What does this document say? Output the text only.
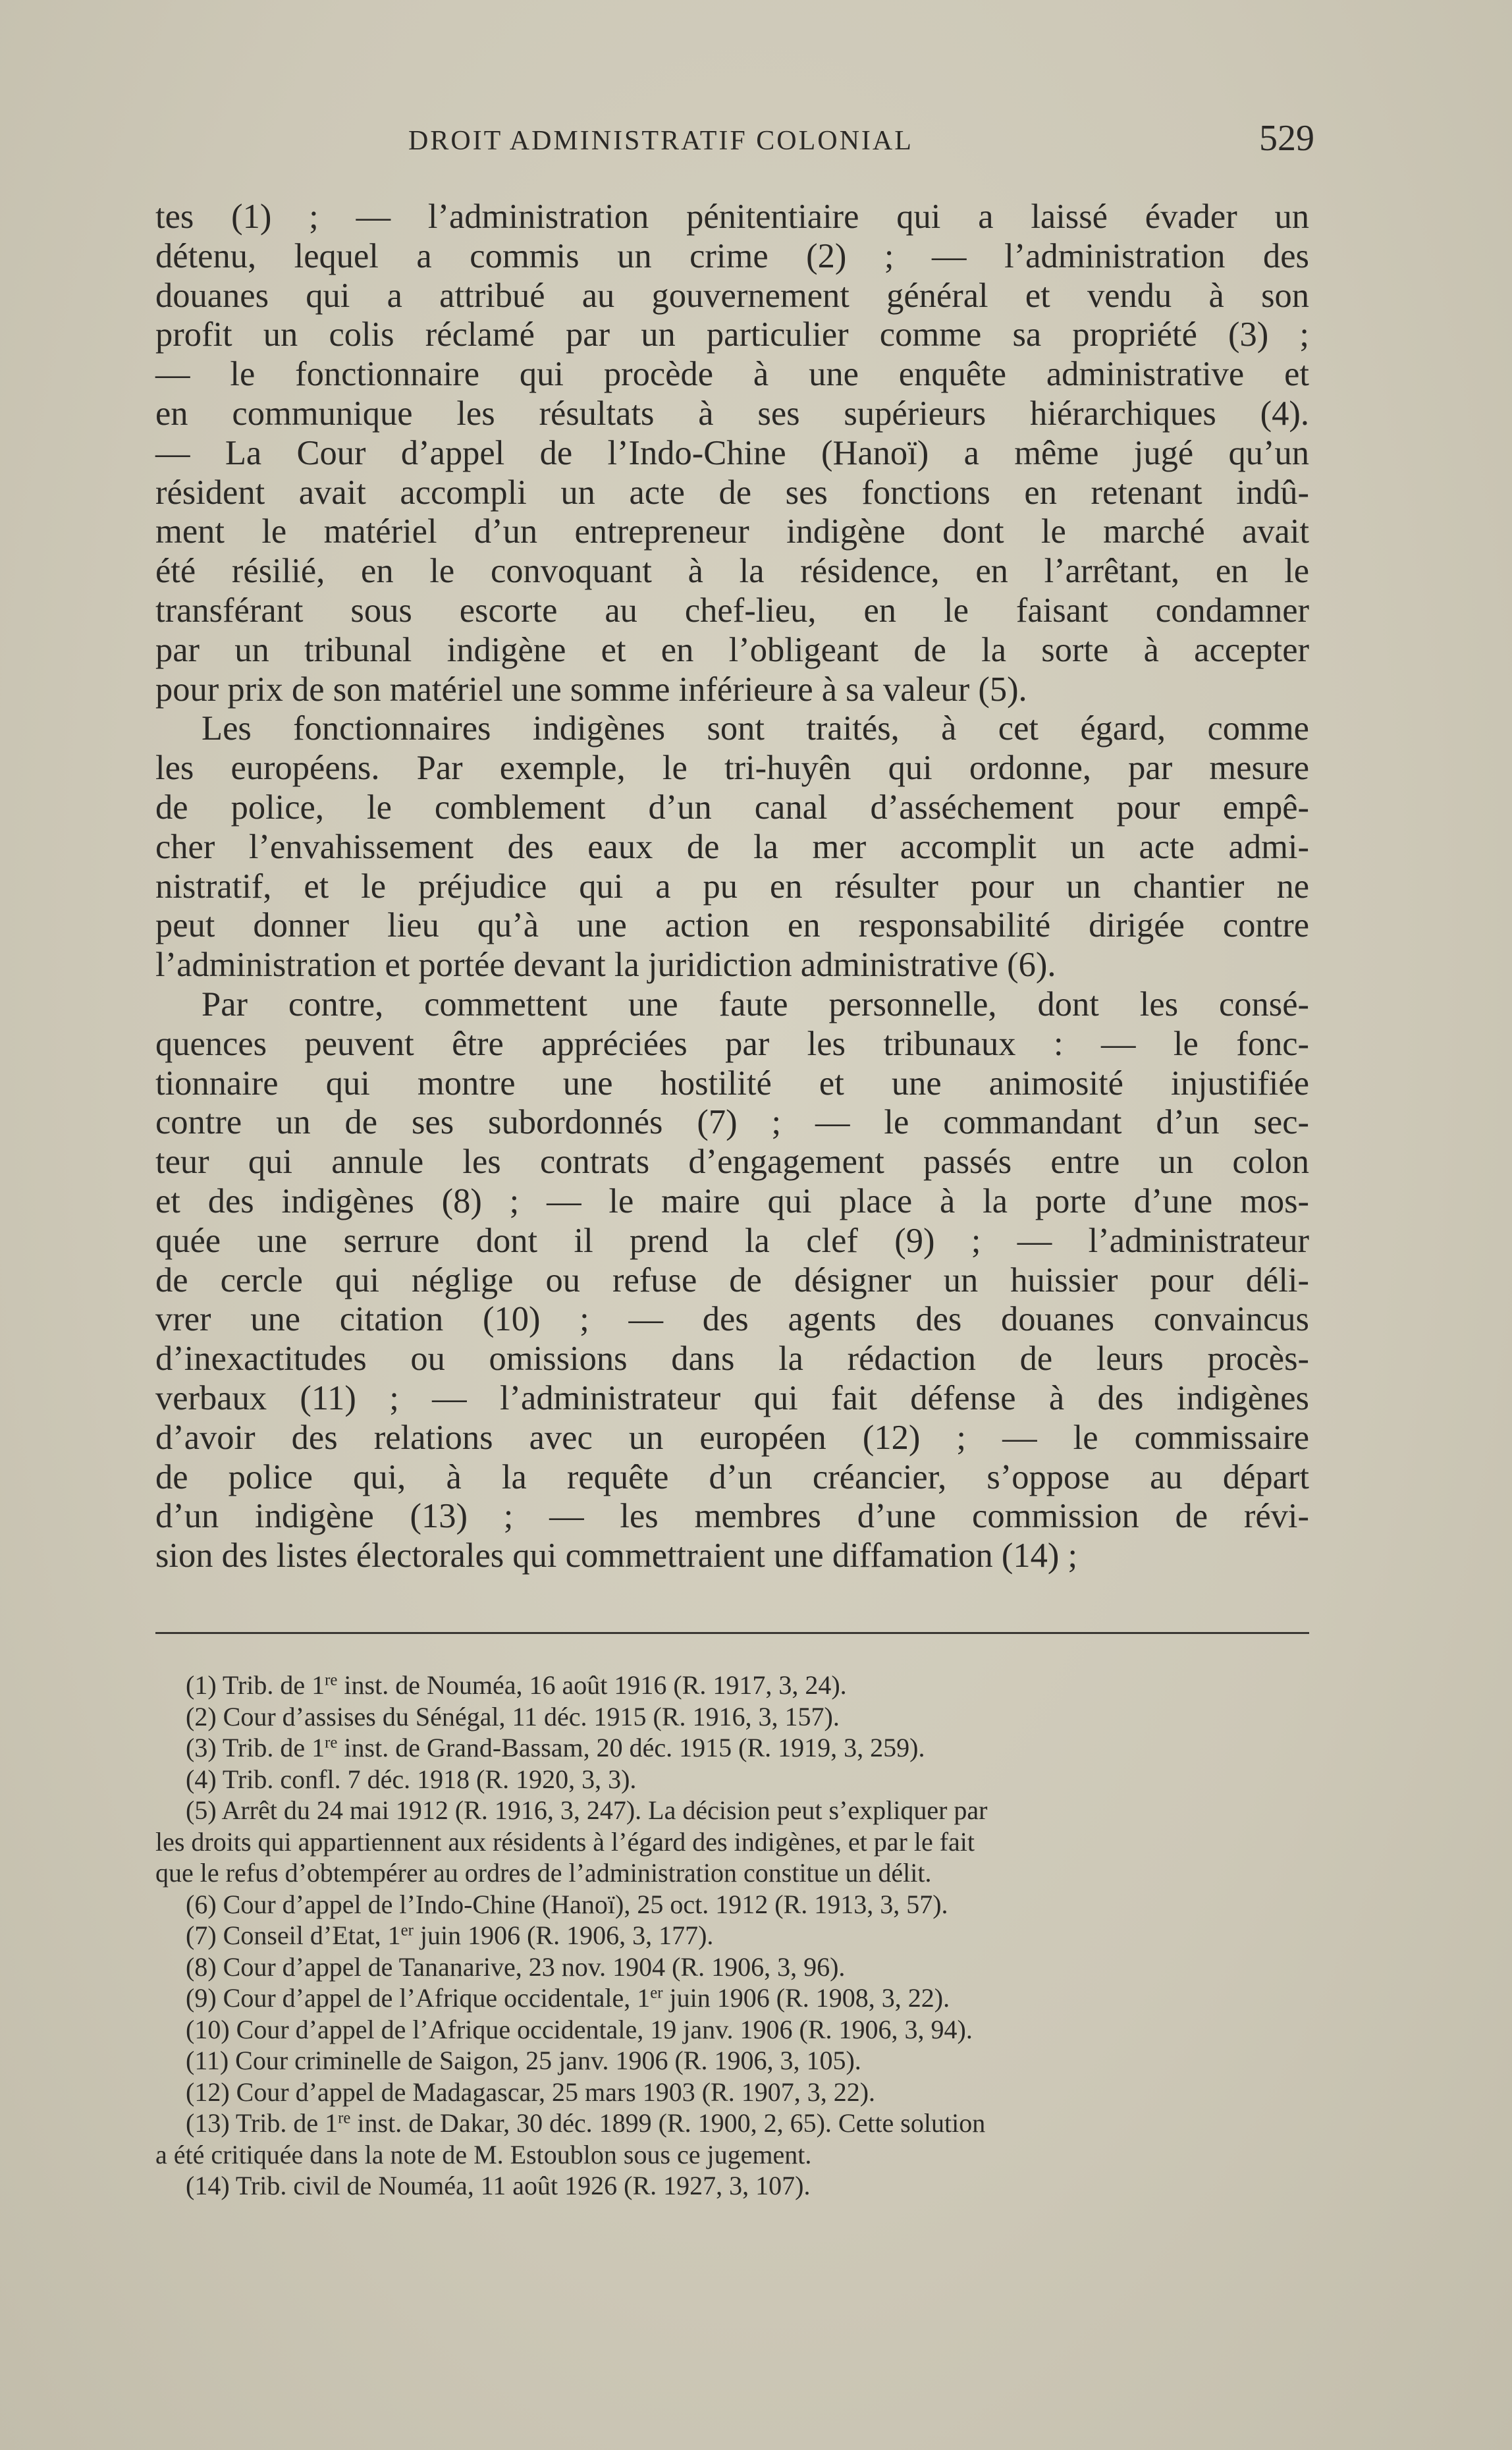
DROIT ADMINISTRATIF COLONIAL	529
tes (1) ; — l’administration pénitentiaire qui a laissé évader un
détenu, lequel a commis un crime (2) ; — l’administration des
douanes qui a attribué au gouvernement général et vendu à son
profit un colis réclamé par un particulier comme sa propriété (3) ;
— le fonctionnaire qui procède à une enquête administrative et
en communique les résultats à ses supérieurs hiérarchiques (4).
— La Cour d’appel de l’Indo-Chine (Hanoï) a même jugé qu’un
résident avait accompli un acte de ses fonctions en retenant indû-
ment le matériel d’un entrepreneur indigène dont le marché avait
été résilié, en le convoquant à la résidence, en l’arrêtant, en le
transférant sous escorte au chef-lieu, en le faisant condamner
par un tribunal indigène et en l’obligeant de la sorte à accepter
pour prix de son matériel une somme inférieure à sa valeur (5).
Les fonctionnaires indigènes sont traités, à cet égard, comme
les européens. Par exemple, le tri-huyên qui ordonne, par mesure
de police, le comblement d’un canal d’asséchement pour empê-
cher l’envahissement des eaux de la mer accomplit un acte admi-
nistratif, et le préjudice qui a pu en résulter pour un chantier ne
peut donner lieu qu’à une action en responsabilité dirigée contre
l’administration et portée devant la juridiction administrative (6).
Par contre, commettent une faute personnelle, dont les consé-
quences peuvent être appréciées par les tribunaux : — le fonc-
tionnaire qui montre une hostilité et une animosité injustifiée
contre un de ses subordonnés (7) ; — le commandant d’un sec-
teur qui annule les contrats d’engagement passés entre un colon
et des indigènes (8) ; — le maire qui place à la porte d’une mos-
quée une serrure dont il prend la clef (9) ; — l’administrateur
de cercle qui néglige ou refuse de désigner un huissier pour déli-
vrer une citation (10) ; — des agents des douanes convaincus
d’inexactitudes ou omissions dans la rédaction de leurs procès-
verbaux (11) ; — l’administrateur qui fait défense à des indigènes
d’avoir des relations avec un européen (12) ; — le commissaire
de police qui, à la requête d’un créancier, s’oppose au départ
d’un indigène (13) ; — les membres d’une commission de révi-
sion des listes électorales qui commettraient une diffamation (14) ;
(1) Trib. de 1re inst. de Nouméa, 16 août 1916 (R. 1917, 3, 24).
(2) Cour d’assises du Sénégal, 11 déc. 1915 (R. 1916, 3, 157).
(3) Trib. de 1re inst. de Grand-Bassam, 20 déc. 1915 (R. 1919, 3, 259).
(4) Trib. confl. 7 déc. 1918 (R. 1920, 3, 3).
(5) Arrêt du 24 mai 1912 (R. 1916, 3, 247). La décision peut s’expliquer par
les droits qui appartiennent aux résidents à l’égard des indigènes, et par le fait
que le refus d’obtempérer au ordres de l’administration constitue un délit.
(6) Cour d’appel de l’Indo-Chine (Hanoï), 25 oct. 1912 (R. 1913, 3, 57).
(7) Conseil d’Etat, 1er juin 1906 (R. 1906, 3, 177).
(8) Cour d’appel de Tananarive, 23 nov. 1904 (R. 1906, 3, 96).
(9) Cour d’appel de l’Afrique occidentale, 1er juin 1906 (R. 1908, 3, 22).
(10) Cour d’appel de l’Afrique occidentale, 19 janv. 1906 (R. 1906, 3, 94).
(11) Cour criminelle de Saigon, 25 janv. 1906 (R. 1906, 3, 105).
(12) Cour d’appel de Madagascar, 25 mars 1903 (R. 1907, 3, 22).
(13) Trib. de 1re inst. de Dakar, 30 déc. 1899 (R. 1900, 2, 65). Cette solution
a été critiquée dans la note de M. Estoublon sous ce jugement.
(14) Trib. civil de Nouméa, 11 août 1926 (R. 1927, 3, 107).
